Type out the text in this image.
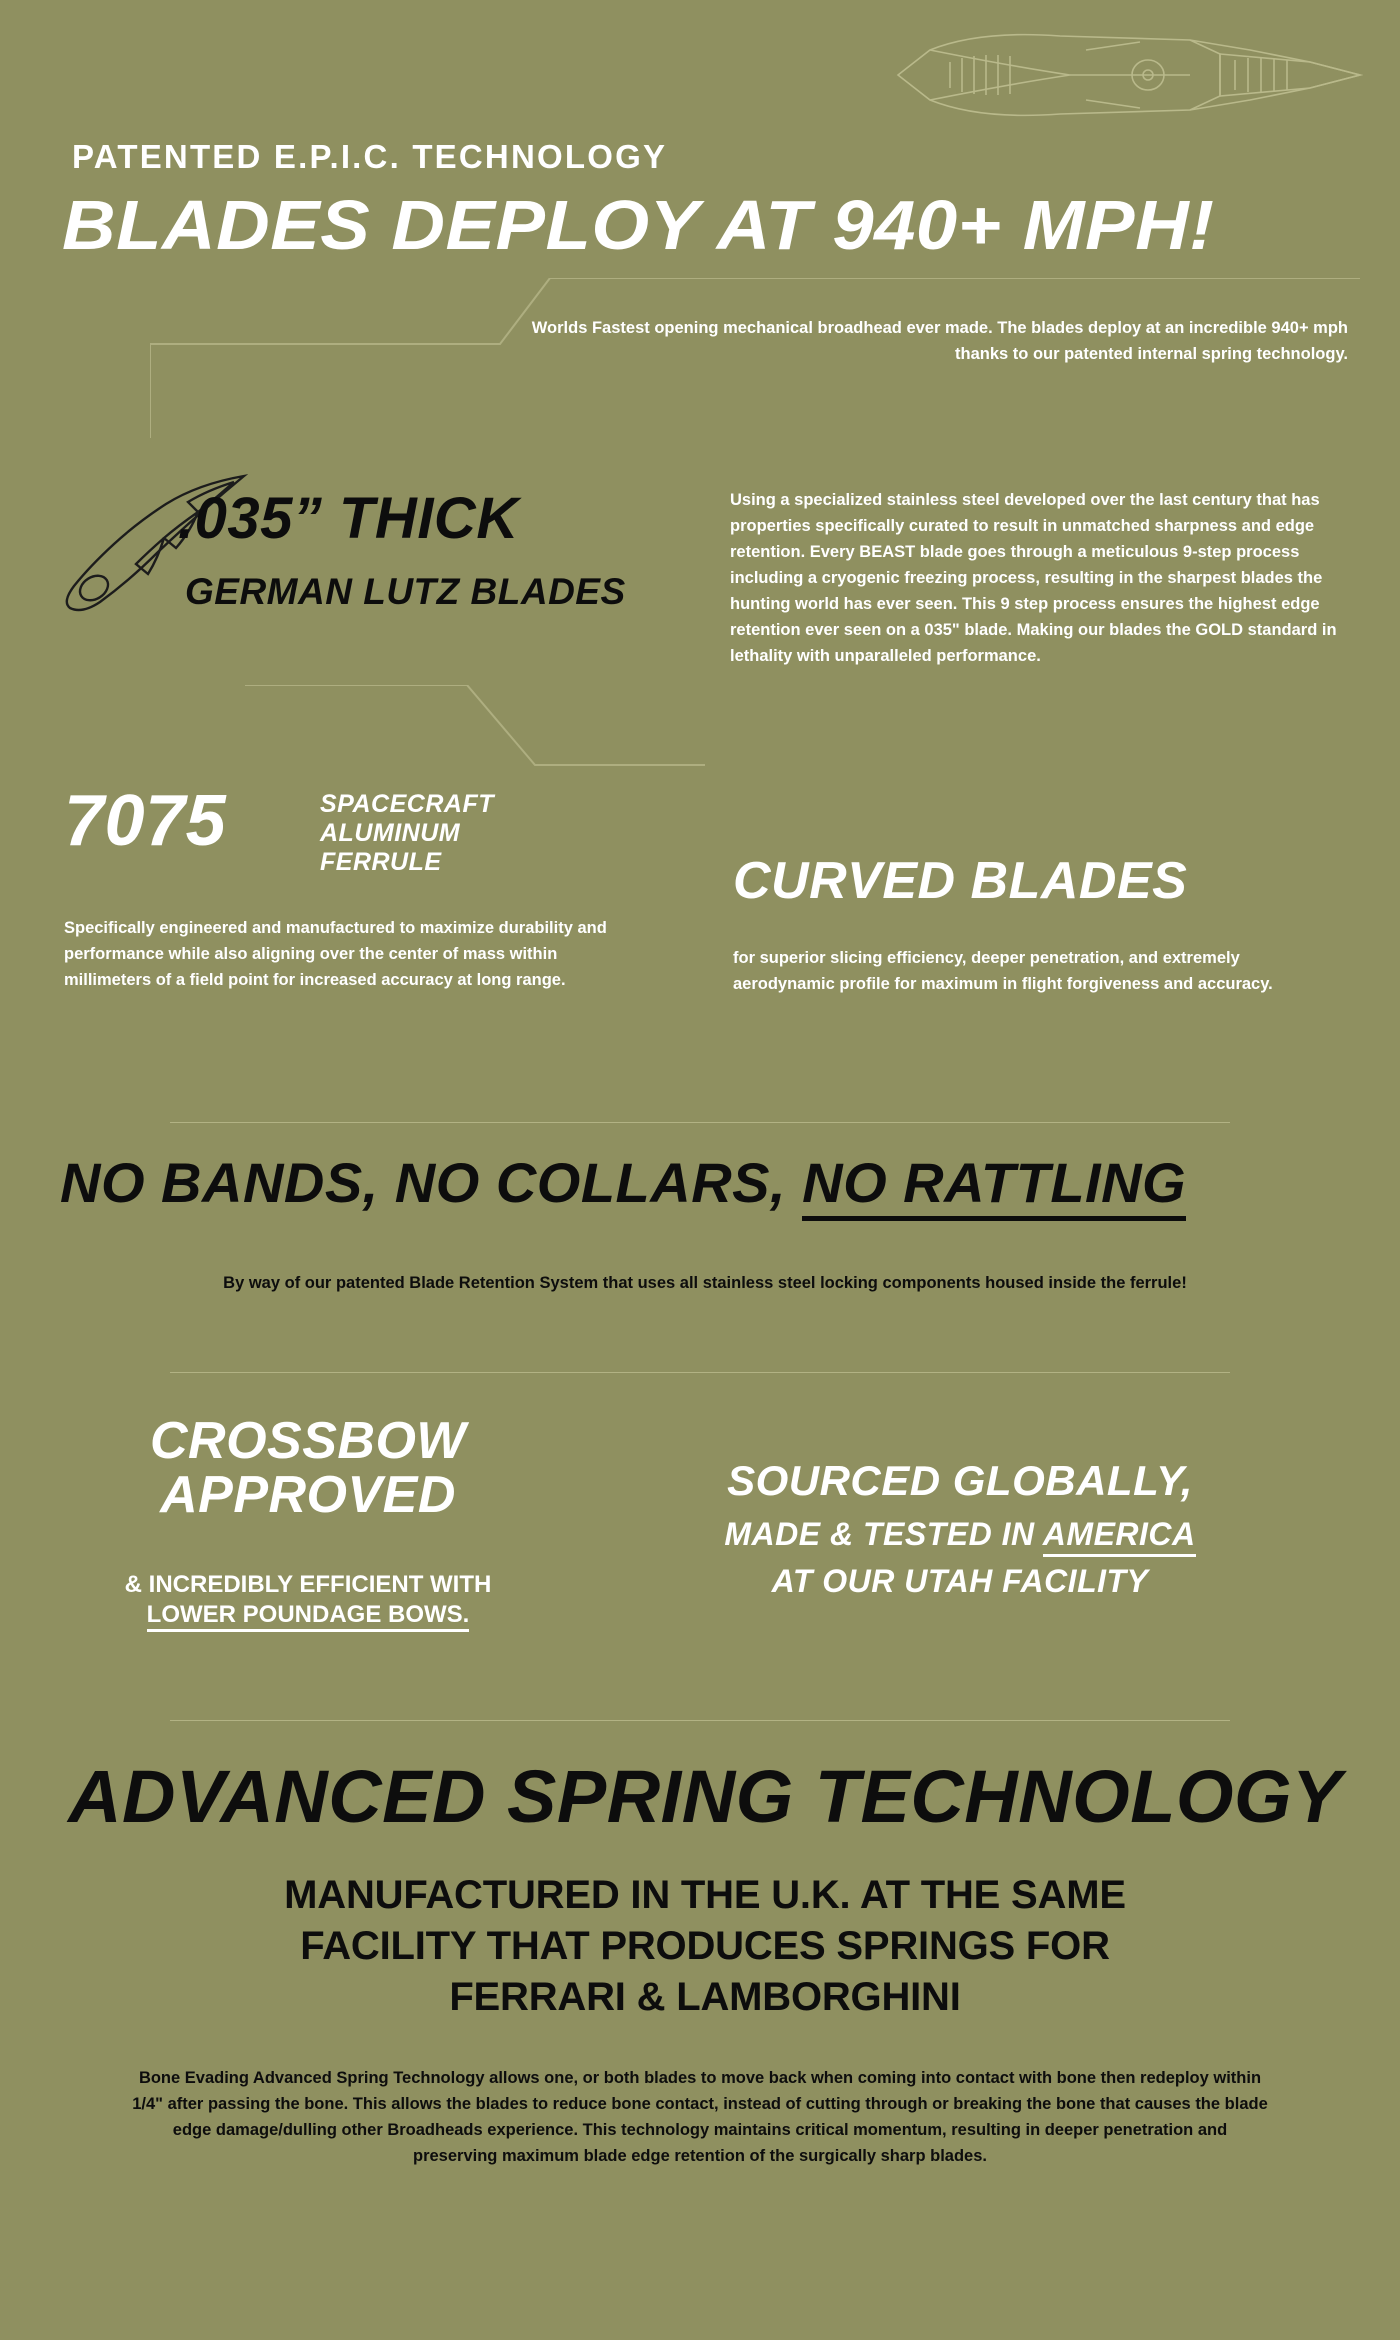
PATENTED E.P.I.C. TECHNOLOGY
BLADES DEPLOY AT 940+ MPH!
Worlds Fastest opening mechanical broadhead ever made. The blades deploy at an incredible 940+ mph thanks to our patented internal spring technology.
.035” THICK
GERMAN LUTZ BLADES
Using a specialized stainless steel developed over the last century that has properties specifically curated to result in unmatched sharpness and edge retention. Every BEAST blade goes through a meticulous 9-step process including a cryogenic freezing process, resulting in the sharpest blades the hunting world has ever seen. This 9 step process ensures the highest edge retention ever seen on a 035" blade. Making our blades the GOLD standard in lethality with unparalleled performance.
7075	SPACECRAFT
ALUMINUM
FERRULE
Specifically engineered and manufactured to maximize durability and performance while also aligning over the center of mass within millimeters of a field point for increased accuracy at long range.
CURVED BLADES
for superior slicing efficiency, deeper penetration, and extremely aerodynamic profile for maximum in flight forgiveness and accuracy.
NO BANDS, NO COLLARS, NO RATTLING
By way of our patented Blade Retention System that uses all stainless steel locking components housed inside the ferrule!
CROSSBOW
APPROVED
& INCREDIBLY EFFICIENT WITH
LOWER POUNDAGE BOWS.
SOURCED GLOBALLY,
MADE & TESTED IN AMERICA
AT OUR UTAH FACILITY
ADVANCED SPRING TECHNOLOGY
MANUFACTURED IN THE U.K. AT THE SAME
FACILITY THAT PRODUCES SPRINGS FOR
FERRARI & LAMBORGHINI
Bone Evading Advanced Spring Technology allows one, or both blades to move back when coming into contact with bone then redeploy within 1/4" after passing the bone. This allows the blades to reduce bone contact, instead of cutting through or breaking the bone that causes the blade edge damage/dulling other Broadheads experience. This technology maintains critical momentum, resulting in deeper penetration and preserving maximum blade edge retention of the surgically sharp blades.
